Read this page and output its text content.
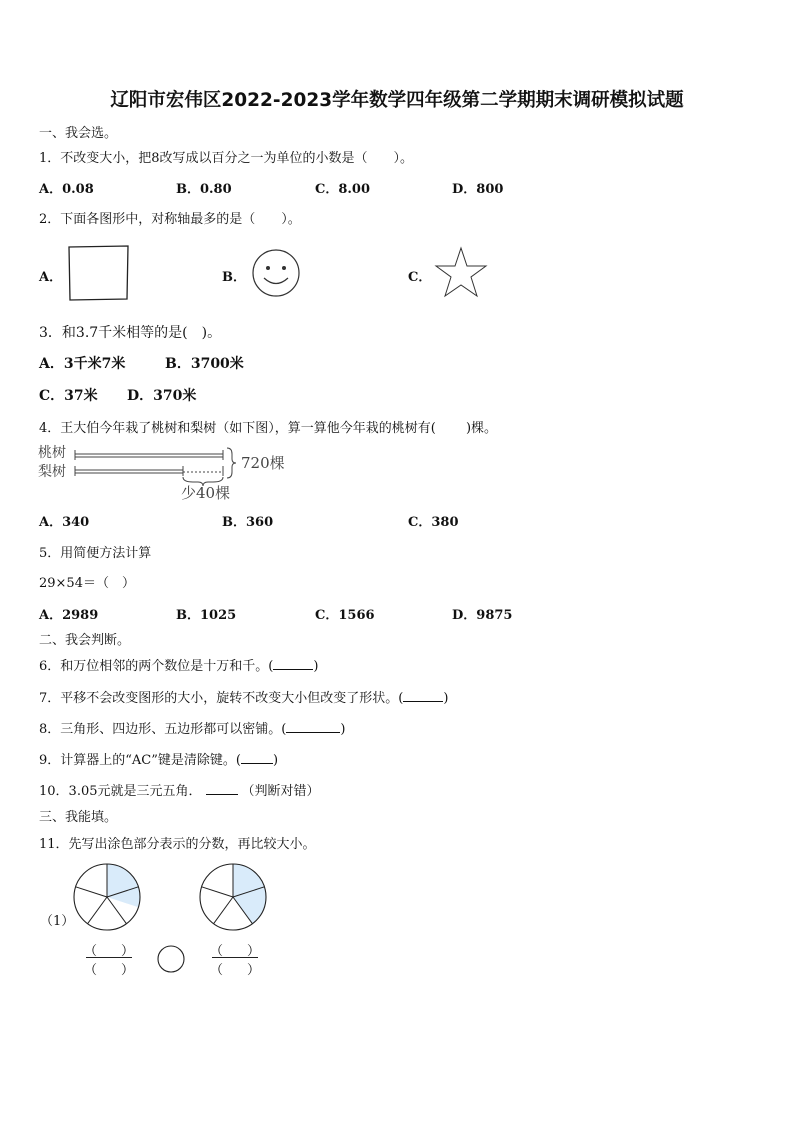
辽阳市宏伟区2022-2023学年数学四年级第二学期期末调研模拟试题
一、我会选。
1．不改变大小，把8改写成以百分之一为单位的小数是（　　）。
A．0.08	B．0.80	C．8.00	D．800
2．下面各图形中，对称轴最多的是（　　）。
A．	B．	C．
3．和3.7千米相等的是(　)。
A．3千米7米	B．3700米
C．37米 D．370米
4．王大伯今年栽了桃树和梨树（如下图），算一算他今年栽的桃树有(　　 )棵。
桃树
梨树	720棵
少40棵
A．340	B．360	C．380
5．用简便方法计算
29×54＝（　）
A．2989	B．1025	C．1566	D．9875
二、我会判断。
6．和万位相邻的两个数位是十万和千。(	)
7．平移不会改变图形的大小，旋转不改变大小但改变了形状。(	)
8．三角形、四边形、五边形都可以密铺。(	)
9．计算器上的“AC”键是清除键。( )
10．3.05元就是三元五角．	（判断对错）
三、我能填。
11．先写出涂色部分表示的分数，再比较大小。
（1）
（ ）
（ ）
（ ）
（ ）
